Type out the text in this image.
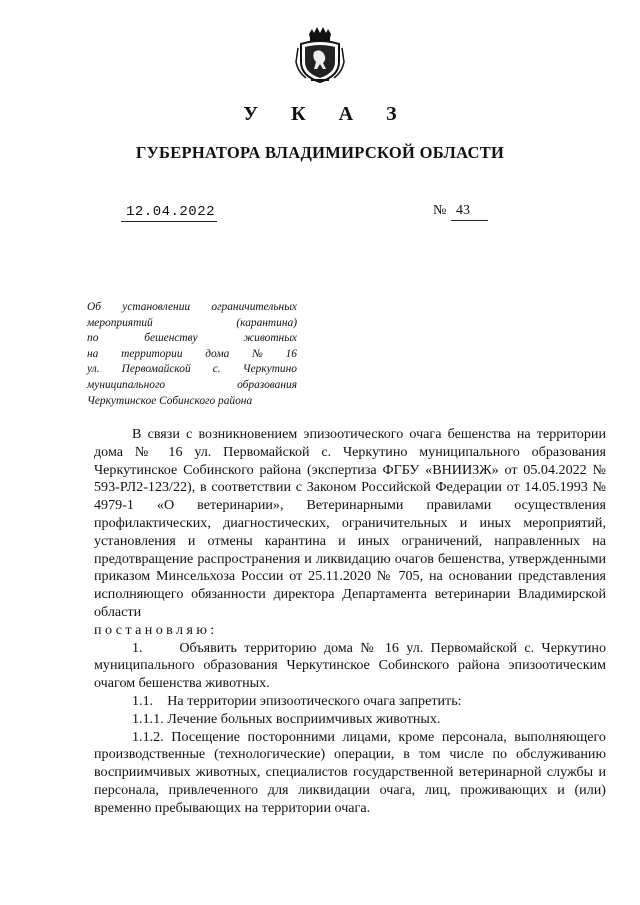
У К А З
ГУБЕРНАТОРА ВЛАДИМИРСКОЙ ОБЛАСТИ
12.04.2022	№ 43
Об установлении ограничительных
мероприятий	(карантина)
по	бешенству	животных
на территории дома № 16
ул. Первомайской с. Черкутино
муниципального	образования
Черкутинское Собинского района

В связи с возникновением эпизоотического очага бешенства на территории дома № 16 ул. Первомайской с. Черкутино муниципального образования Черкутинское Собинского района (экспертиза ФГБУ «ВНИИЗЖ» от 05.04.2022 № 593-РЛ2-123/22), в соответствии с Законом Российской Федерации от 14.05.1993 № 4979-1 «О ветеринарии», Ветеринарными правилами осуществления профилактических, диагностических, ограничительных и иных мероприятий, установления и отмены карантина и иных ограничений, направленных на предотвращение распространения и ликвидацию очагов бешенства, утвержденными приказом Минсельхоза России от 25.11.2020 № 705, на основании представления исполняющего обязанности директора Департамента ветеринарии Владимирской области

постановляю:

1.	Объявить территорию дома № 16 ул. Первомайской с. Черкутино муниципального образования Черкутинское Собинского района эпизоотическим очагом бешенства животных.

1.1. На территории эпизоотического очага запретить:

1.1.1. Лечение больных восприимчивых животных.

1.1.2. Посещение посторонними лицами, кроме персонала, выполняющего производственные (технологические) операции, в том числе по обслуживанию восприимчивых животных, специалистов государственной ветеринарной службы и персонала, привлеченного для ликвидации очага, лиц, проживающих и (или) временно пребывающих на территории очага.
